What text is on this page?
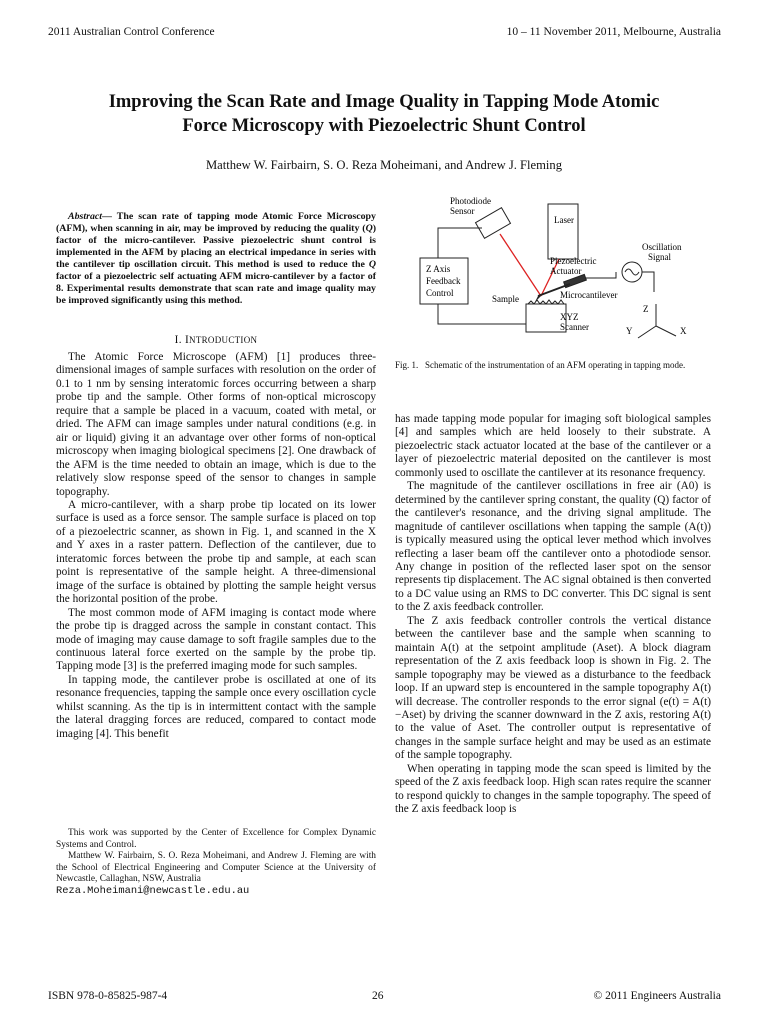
2011 Australian Control Conference	10 – 11 November 2011, Melbourne, Australia
Improving the Scan Rate and Image Quality in Tapping Mode Atomic
Force Microscopy with Piezoelectric Shunt Control
Matthew W. Fairbairn, S. O. Reza Moheimani, and Andrew J. Fleming
Abstract— The scan rate of tapping mode Atomic Force Microscopy (AFM), when scanning in air, may be improved by reducing the quality (Q) factor of the micro-cantilever. Passive piezoelectric shunt control is implemented in the AFM by placing an electrical impedance in series with the cantilever tip oscillation circuit. This method is used to reduce the Q factor of a piezoelectric self actuating AFM micro-cantilever by a factor of 8. Experimental results demonstrate that scan rate and image quality may be improved significantly using this method.
I. INTRODUCTION

The Atomic Force Microscope (AFM) [1] produces three-dimensional images of sample surfaces with resolution on the order of 0.1 to 1 nm by sensing interatomic forces occurring between a sharp probe tip and the sample. Other forms of non-optical microscopy require that a sample be placed in a vacuum, coated with metal, or dried. The AFM can image samples under natural conditions (e.g. in air or liquid) giving it an advantage over other forms of non-optical microscopy when imaging biological specimens [2]. One drawback of the AFM is the time needed to obtain an image, which is due to the relatively slow response speed of the sensor to changes in sample topography.

A micro-cantilever, with a sharp probe tip located on its lower surface is used as a force sensor. The sample surface is placed on top of a piezoelectric scanner, as shown in Fig. 1, and scanned in the X and Y axes in a raster pattern. Deflection of the cantilever, due to interatomic forces between the probe tip and sample, at each scan point is representative of the sample height. A three-dimensional image of the surface is obtained by plotting the sample height versus the horizontal position of the probe.

The most common mode of AFM imaging is contact mode where the probe tip is dragged across the sample in constant contact. This mode of imaging may cause damage to soft fragile samples due to the continuous lateral force exerted on the sample by the probe tip. Tapping mode [3] is the preferred imaging mode for such samples.

In tapping mode, the cantilever probe is oscillated at one of its resonance frequencies, tapping the sample once every oscillation cycle whilst scanning. As the tip is in intermittent contact with the sample the lateral dragging forces are reduced, compared to contact mode imaging [4]. This benefit

This work was supported by the Center of Excellence for Complex Dynamic Systems and Control.

Matthew W. Fairbairn, S. O. Reza Moheimani, and Andrew J. Fleming are with the School of Electrical Engineering and Computer Science at the University of Newcastle, Callaghan, NSW, Australia

Reza.Moheimani@newcastle.edu.au
Photodiode
Sensor
Laser
Z Axis
Feedback
Control
Piezoelectric
Actuator
Oscillation
Signal
Sample	Microcantilever
XYZ
Scanner
Z
Y	X
Fig. 1. Schematic of the instrumentation of an AFM operating in tapping mode.

has made tapping mode popular for imaging soft biological samples [4] and samples which are held loosely to their substrate. A piezoelectric stack actuator located at the base of the cantilever or a layer of piezoelectric material deposited on the cantilever is most commonly used to oscillate the cantilever at its resonance frequency.

The magnitude of the cantilever oscillations in free air (A0) is determined by the cantilever spring constant, the quality (Q) factor of the cantilever's resonance, and the driving signal amplitude. The magnitude of cantilever oscillations when tapping the sample (A(t)) is typically measured using the optical lever method which involves reflecting a laser beam off the cantilever onto a photodiode sensor. Any change in position of the reflected laser spot on the sensor represents tip displacement. The AC signal obtained is then converted to a DC value using an RMS to DC converter. This DC signal is sent to the Z axis feedback controller.

The Z axis feedback controller controls the vertical distance between the cantilever base and the sample when scanning to maintain A(t) at the setpoint amplitude (Aset). A block diagram representation of the Z axis feedback loop is shown in Fig. 2. The sample topography may be viewed as a disturbance to the feedback loop. If an upward step is encountered in the sample topography A(t) will decrease. The controller responds to the error signal (e(t) = A(t)−Aset) by driving the scanner downward in the Z axis, restoring A(t) to the value of Aset. The controller output is representative of changes in the sample surface height and may be used as an estimate of the sample topography.

When operating in tapping mode the scan speed is limited by the speed of the Z axis feedback loop. High scan rates require the scanner to respond quickly to changes in the sample topography. The speed of the Z axis feedback loop is

ISBN 978-0-85825-987-4	26	© 2011 Engineers Australia
